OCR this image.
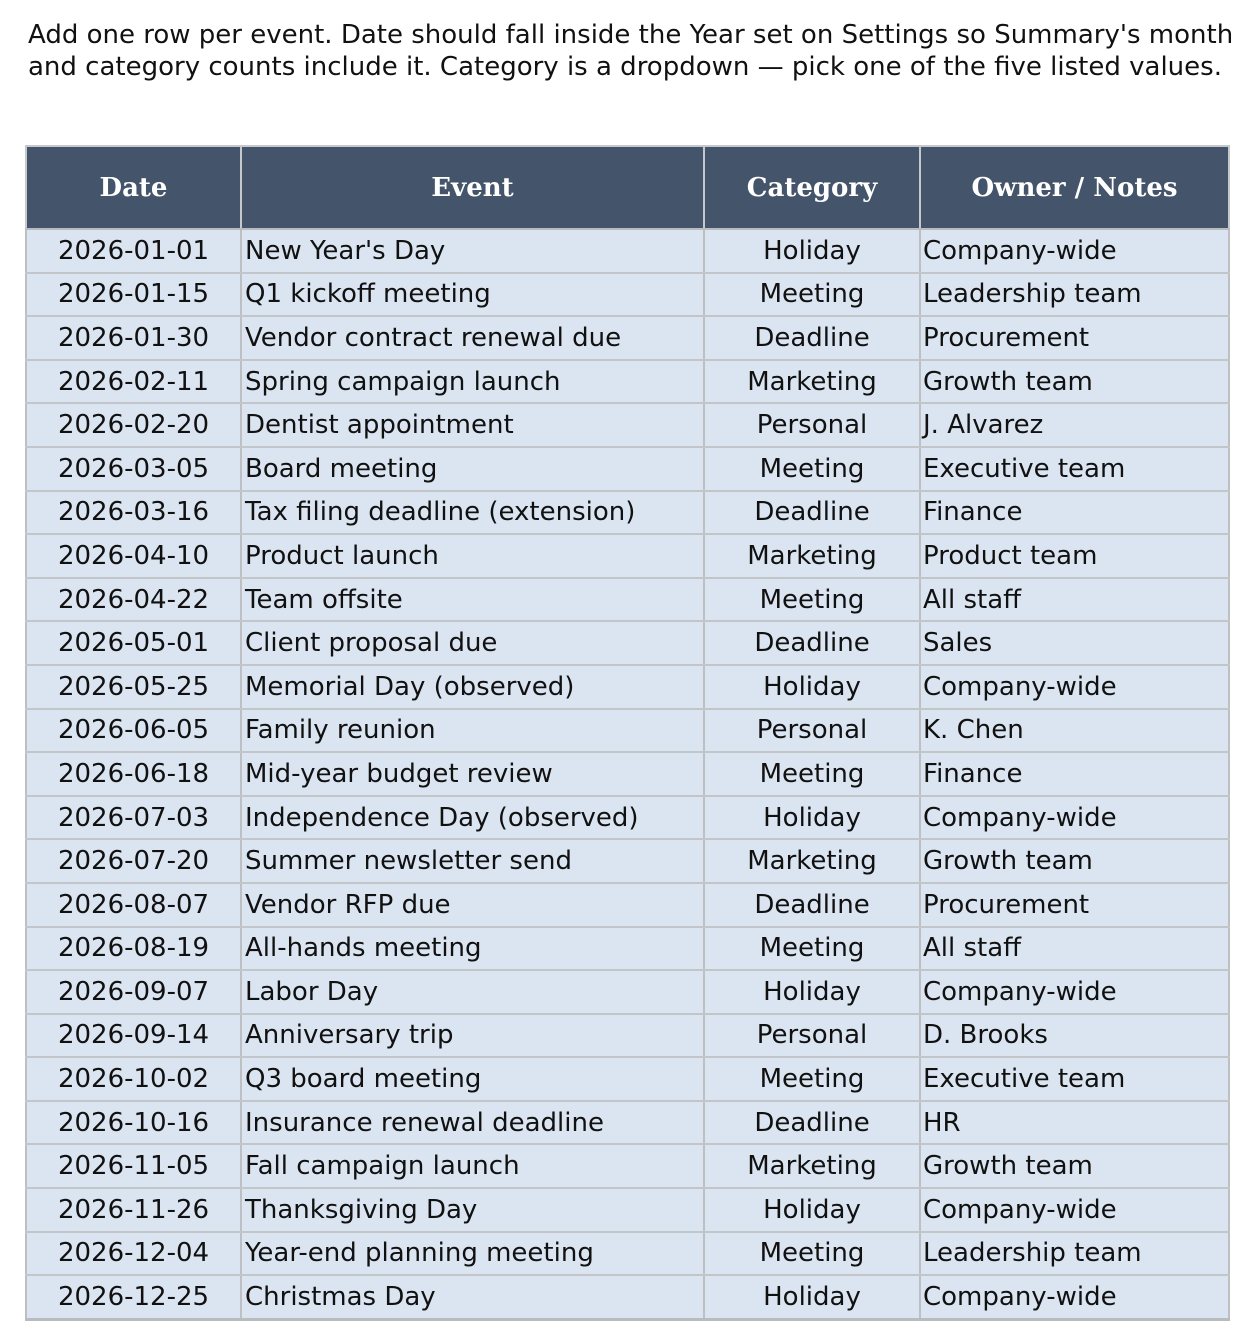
Add one row per event. Date should fall inside the Year set on Settings so Summary's month and category counts include it. Category is a dropdown — pick one of the five listed values.

Date	Event	Category	Owner / Notes
2026-01-01	New Year's Day	Holiday	Company-wide
2026-01-15	Q1 kickoff meeting	Meeting	Leadership team
2026-01-30	Vendor contract renewal due	Deadline	Procurement
2026-02-11	Spring campaign launch	Marketing	Growth team
2026-02-20	Dentist appointment	Personal	J. Alvarez
2026-03-05	Board meeting	Meeting	Executive team
2026-03-16	Tax filing deadline (extension)	Deadline	Finance
2026-04-10	Product launch	Marketing	Product team
2026-04-22	Team offsite	Meeting	All staff
2026-05-01	Client proposal due	Deadline	Sales
2026-05-25	Memorial Day (observed)	Holiday	Company-wide
2026-06-05	Family reunion	Personal	K. Chen
2026-06-18	Mid-year budget review	Meeting	Finance
2026-07-03	Independence Day (observed)	Holiday	Company-wide
2026-07-20	Summer newsletter send	Marketing	Growth team
2026-08-07	Vendor RFP due	Deadline	Procurement
2026-08-19	All-hands meeting	Meeting	All staff
2026-09-07	Labor Day	Holiday	Company-wide
2026-09-14	Anniversary trip	Personal	D. Brooks
2026-10-02	Q3 board meeting	Meeting	Executive team
2026-10-16	Insurance renewal deadline	Deadline	HR
2026-11-05	Fall campaign launch	Marketing	Growth team
2026-11-26	Thanksgiving Day	Holiday	Company-wide
2026-12-04	Year-end planning meeting	Meeting	Leadership team
2026-12-25	Christmas Day	Holiday	Company-wide
